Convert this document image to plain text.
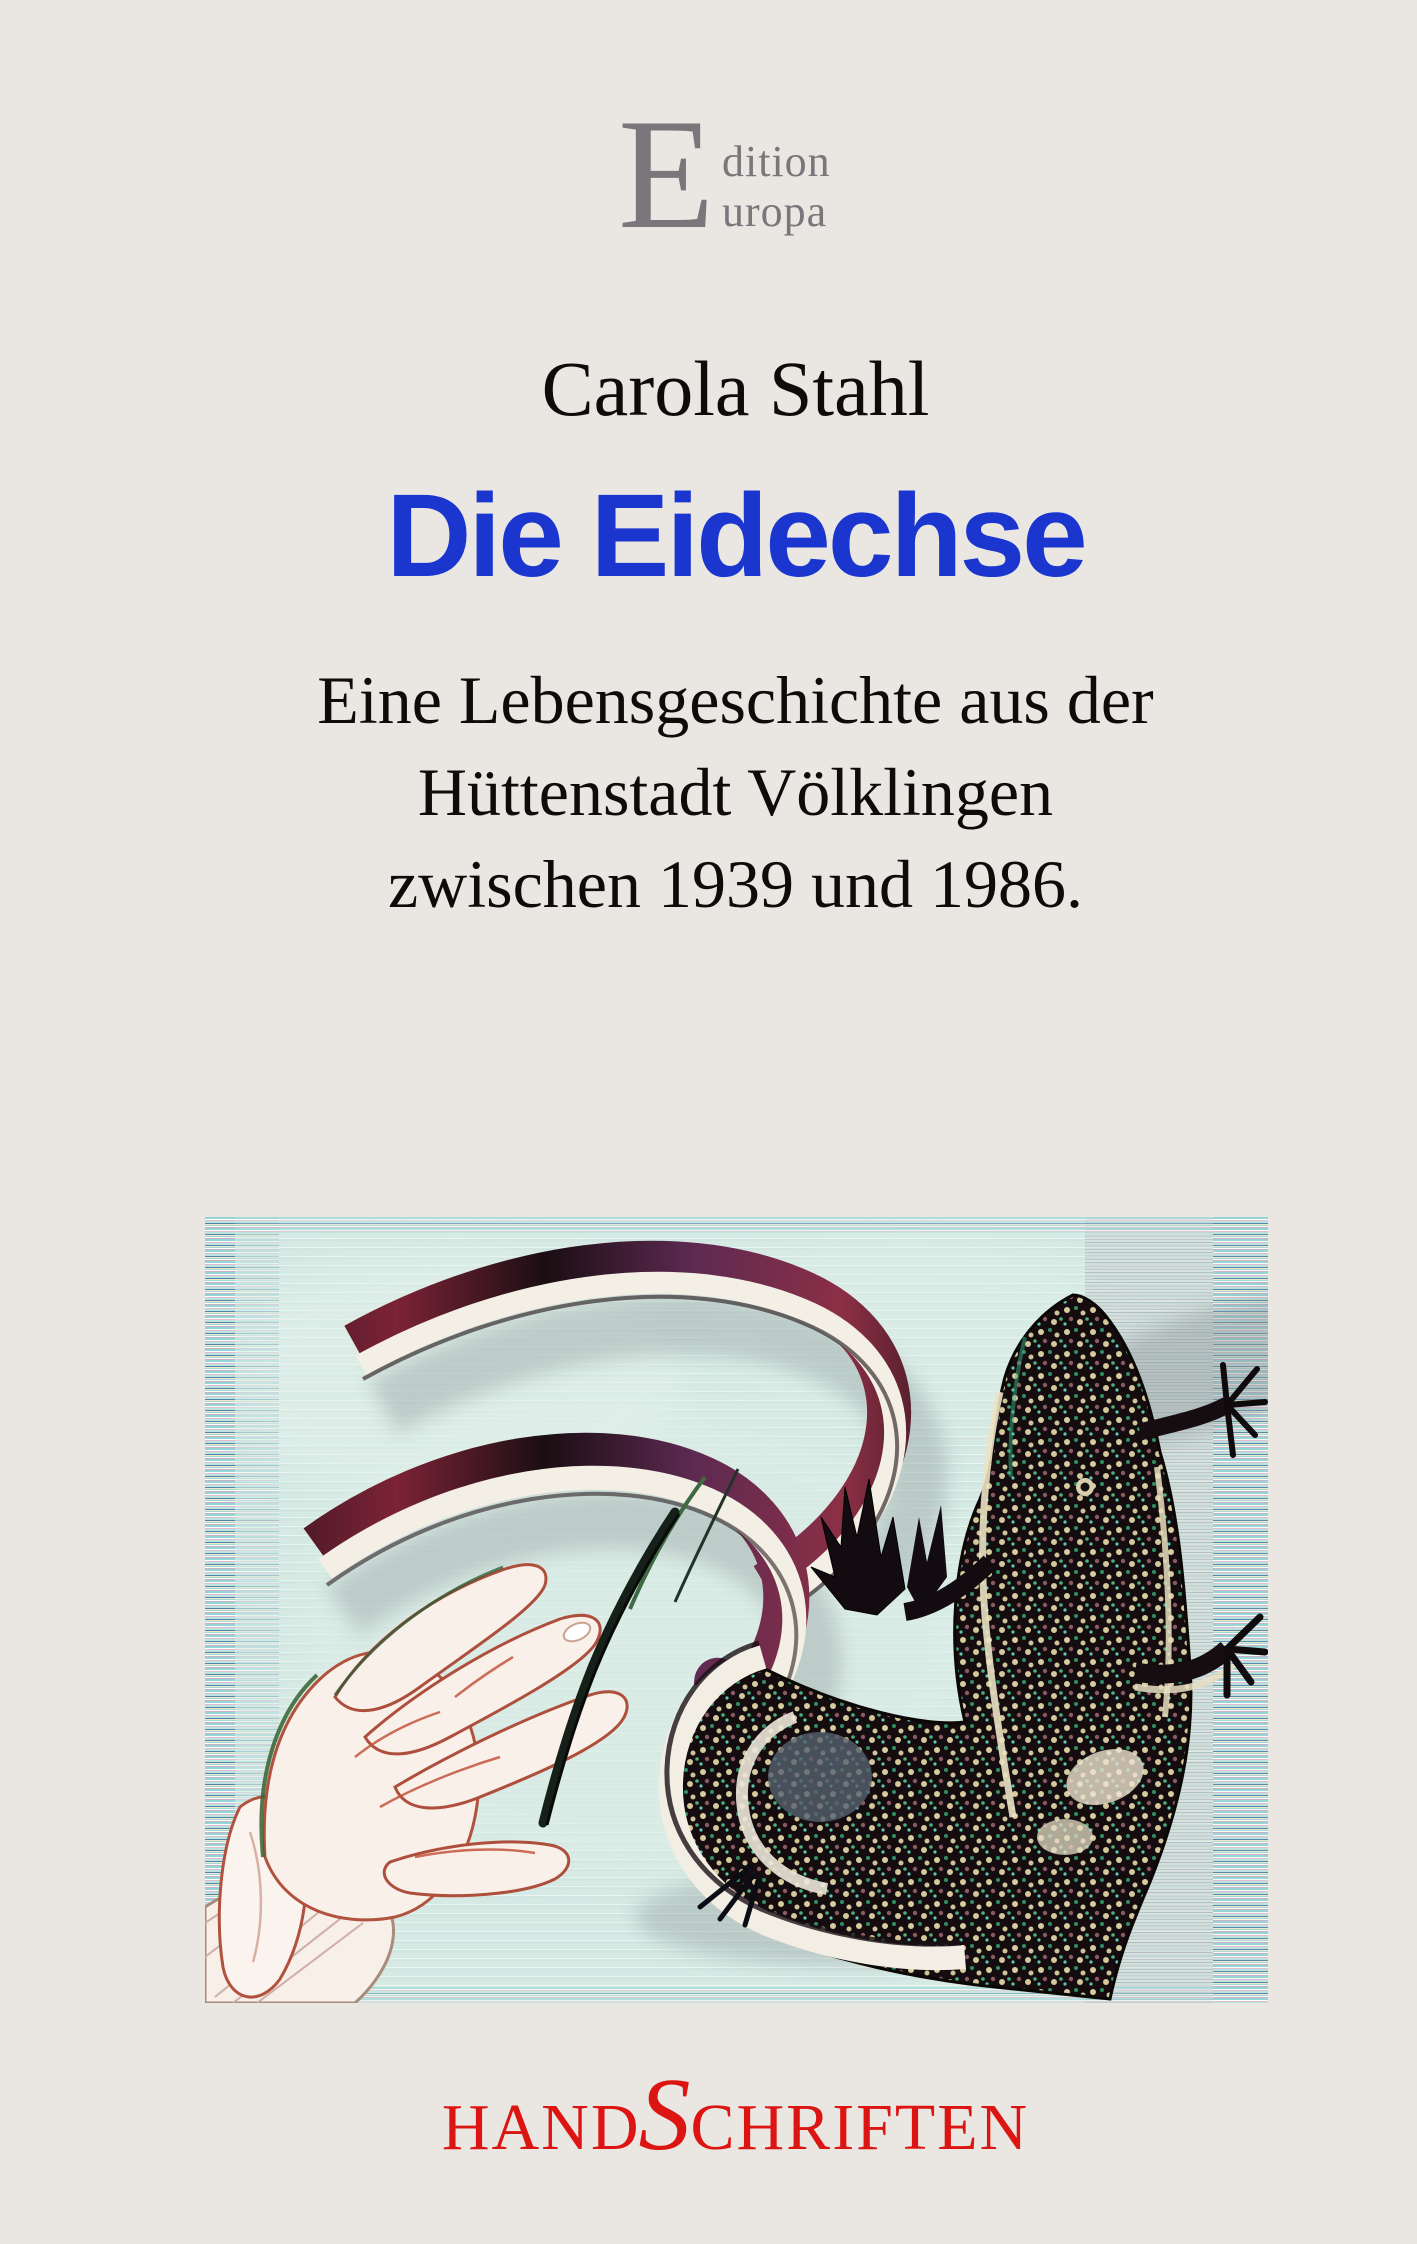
E dition
uropa
Carola Stahl
Die Eidechse
Eine Lebensgeschichte aus der
Hüttenstadt Völklingen
zwischen 1939 und 1986.
HANDSCHRIFTEN
